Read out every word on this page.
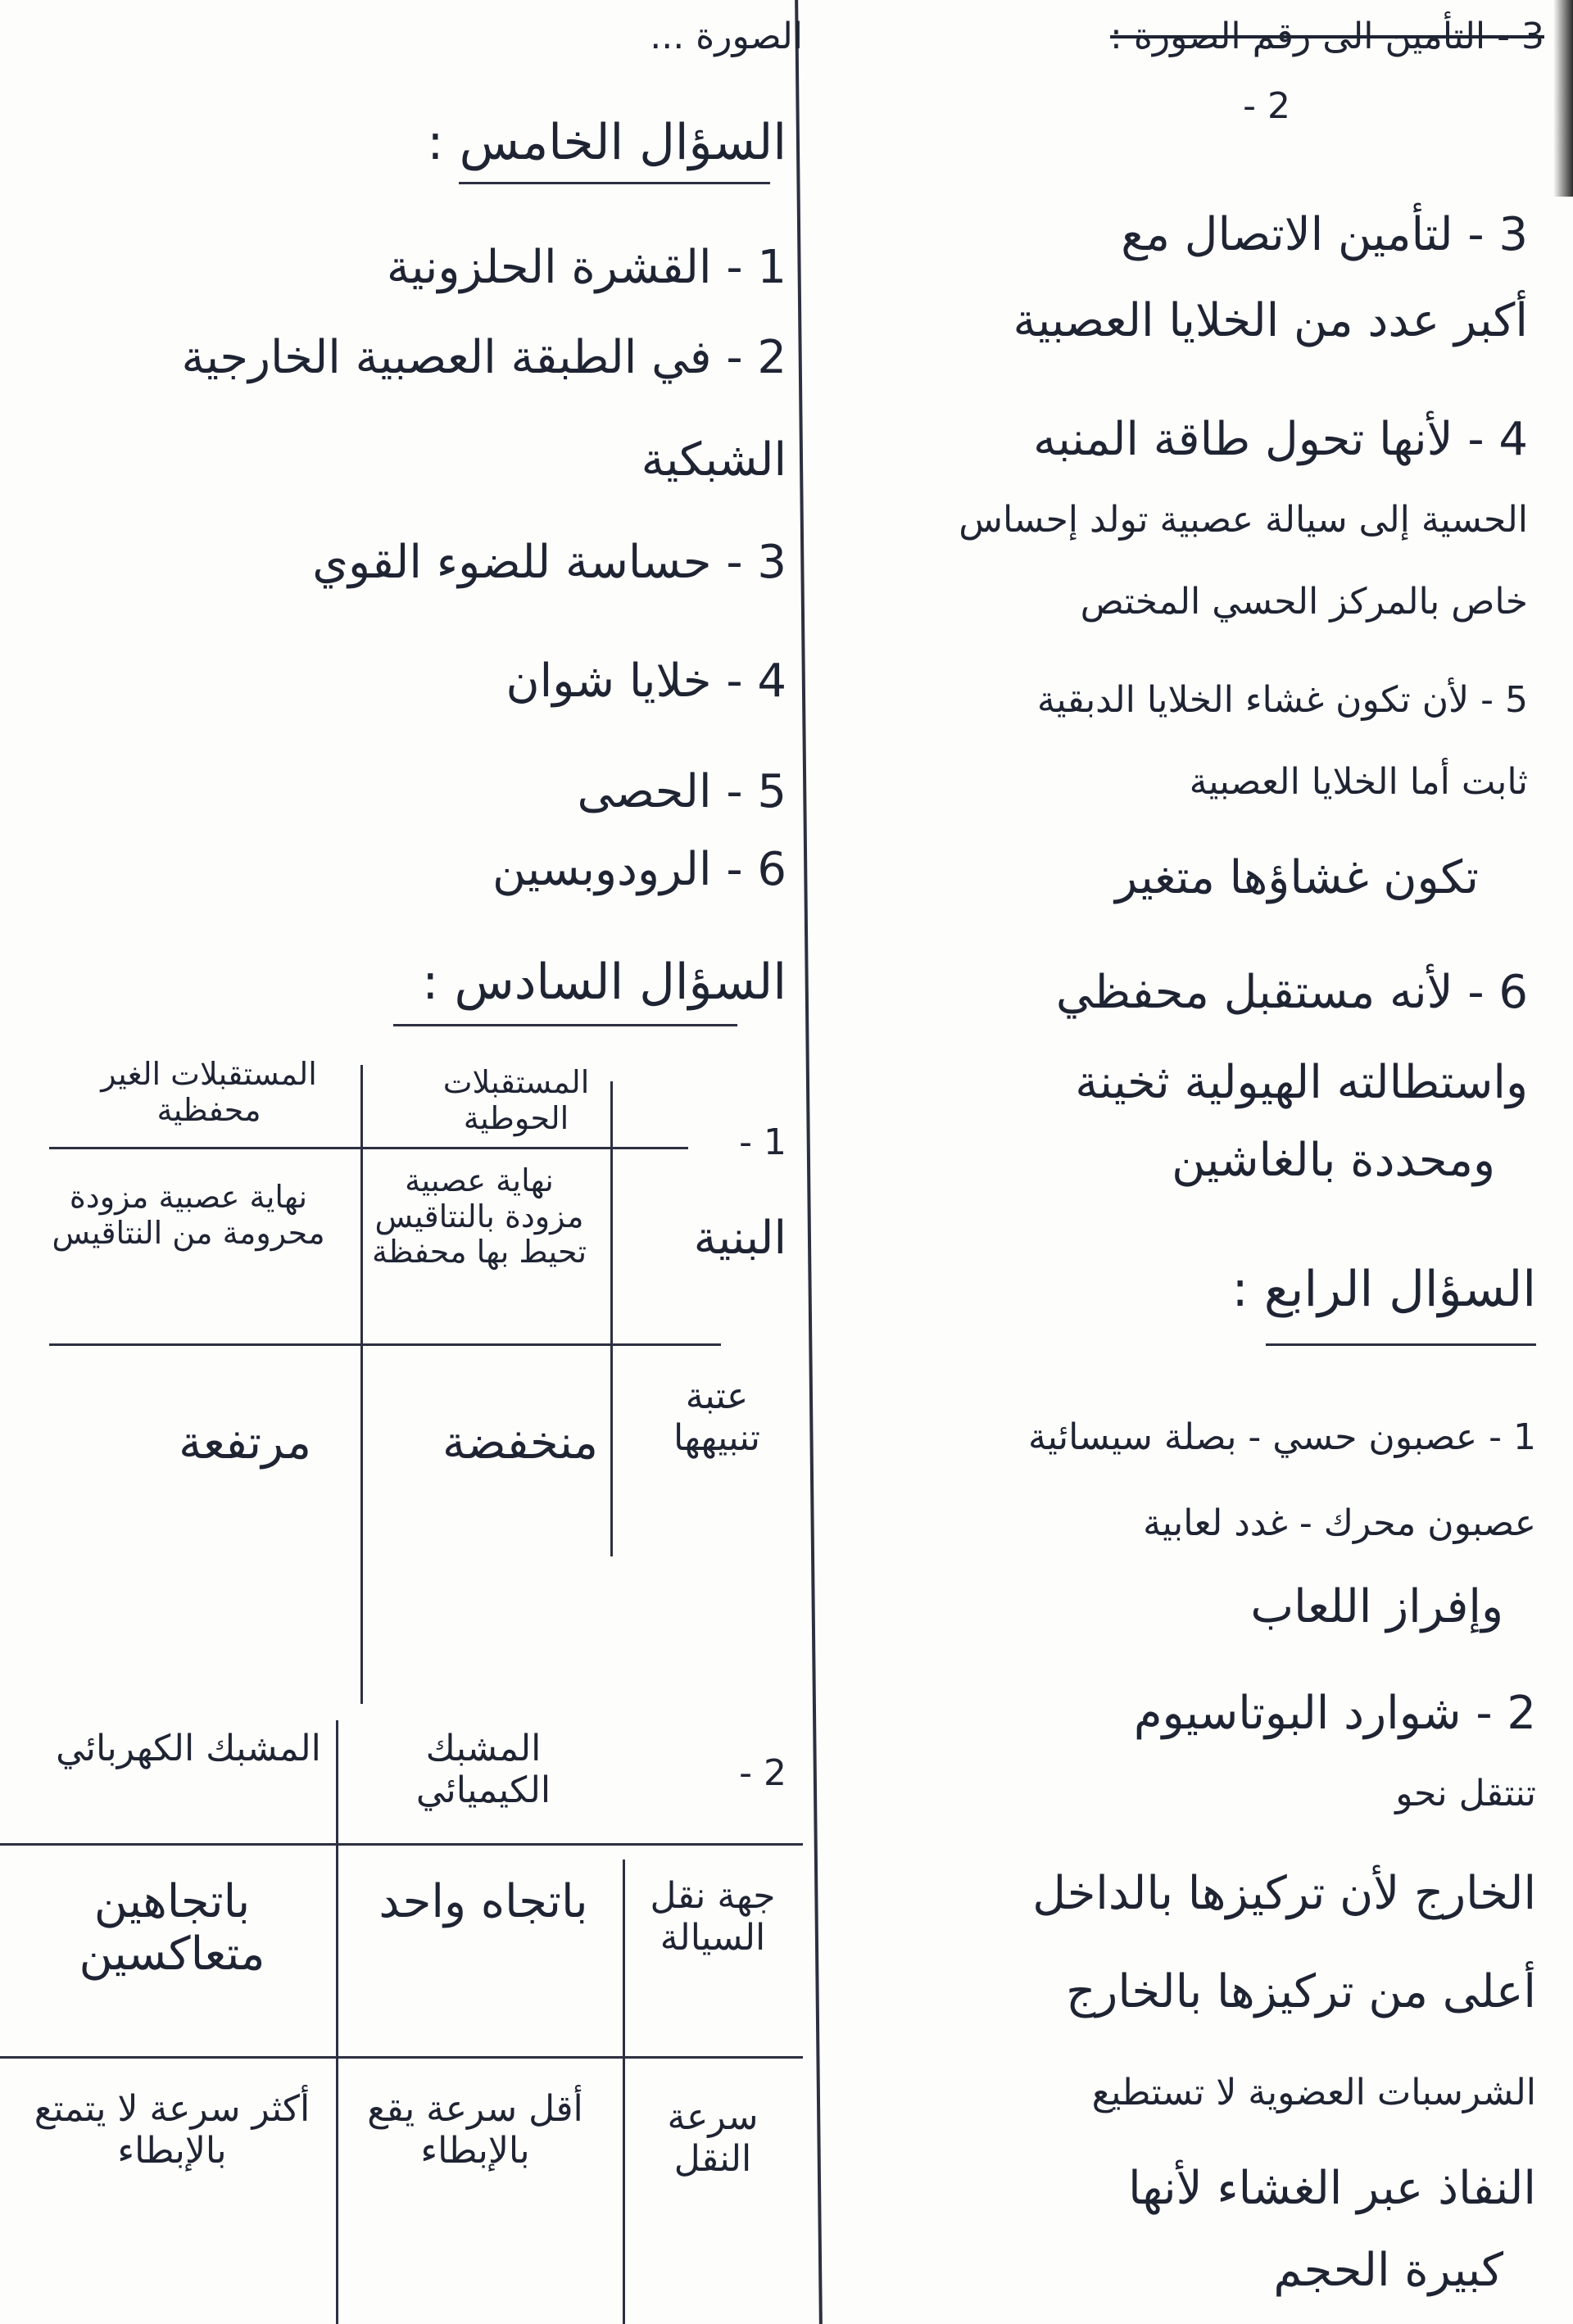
الصورة ...
السؤال الخامس :
1 - القشرة الحلزونية
2 - في الطبقة العصبية الخارجية
الشبكية
3 - حساسة للضوء القوي
4 - خلايا شوان
5 - الحصى
6 - الرودوبسين
السؤال السادس :
1 -
المستقبلات الحوطية
المستقبلات الغير محفظية
البنية
نهاية عصبية مزودة بالنتاقيس تحيط بها محفظة
نهاية عصبية مزودة محرومة من النتاقيس
عتبة تنبيهها
منخفضة
مرتفعة
2 -
المشبك الكيميائي
المشبك الكهربائي
جهة نقل السيالة
باتجاه واحد
باتجاهين متعاكسين
سرعة النقل
أقل سرعة يقع بالإبطاء
أكثر سرعة لا يتمتع بالإبطاء
3 - التأمين الى رقم الصورة :
2 -
3 - لتأمين الاتصال مع
أكبر عدد من الخلايا العصبية
4 - لأنها تحول طاقة المنبه
الحسية إلى سيالة عصبية تولد إحساس
خاص بالمركز الحسي المختص
5 - لأن تكون غشاء الخلايا الدبقية
ثابت أما الخلايا العصبية
تكون غشاؤها متغير
6 - لأنه مستقبل محفظي
واستطالته الهيولية ثخينة
ومحددة بالغاشين
السؤال الرابع :
1 - عصبون حسي - بصلة سيسائية
عصبون محرك - غدد لعابية
وإفراز اللعاب
2 - شوارد البوتاسيوم
تنتقل نحو
الخارج لأن تركيزها بالداخل
أعلى من تركيزها بالخارج
الشرسبات العضوية لا تستطيع
النفاذ عبر الغشاء لأنها
كبيرة الحجم
